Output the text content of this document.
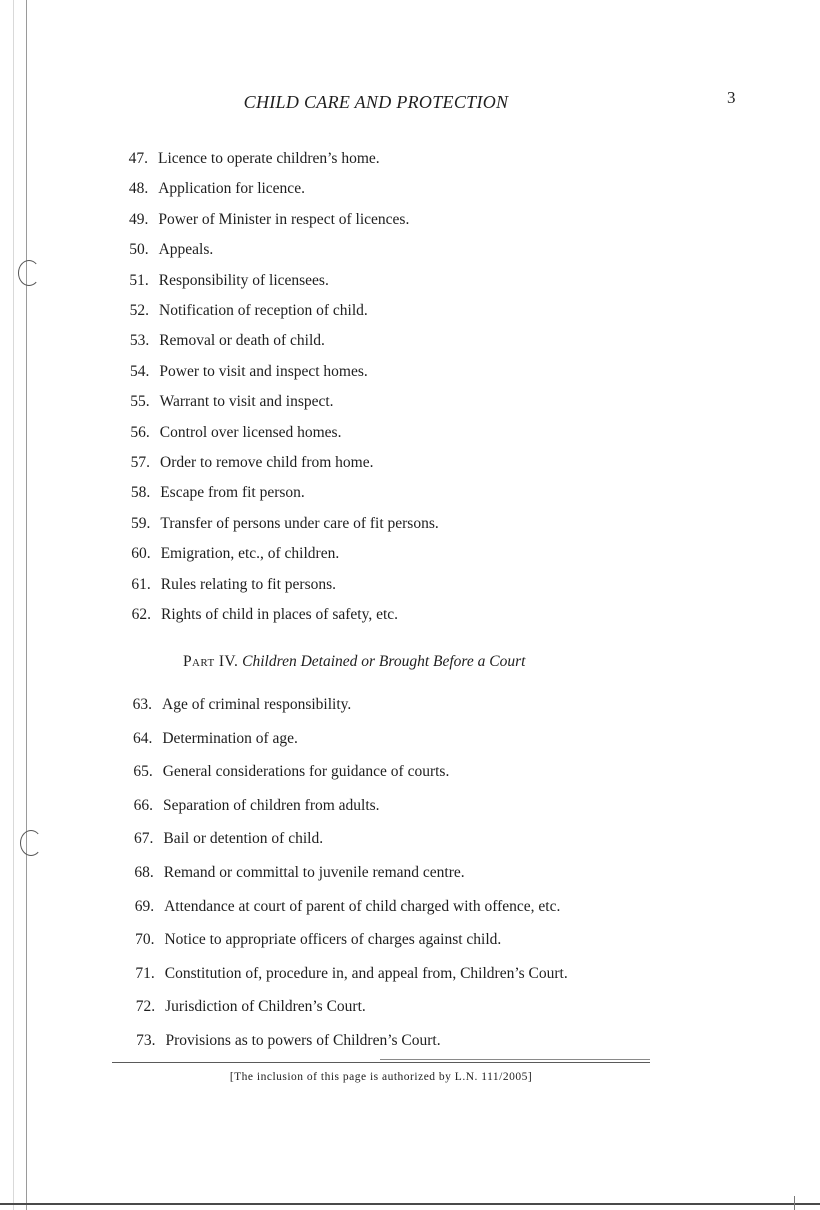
CHILD CARE AND PROTECTION	3
47. Licence to operate children’s home.
48. Application for licence.
49. Power of Minister in respect of licences.
50. Appeals.
51. Responsibility of licensees.
52. Notification of reception of child.
53. Removal or death of child.
54. Power to visit and inspect homes.
55. Warrant to visit and inspect.
56. Control over licensed homes.
57. Order to remove child from home.
58. Escape from fit person.
59. Transfer of persons under care of fit persons.
60. Emigration, etc., of children.
61. Rules relating to fit persons.
62. Rights of child in places of safety, etc.
Part IV. Children Detained or Brought Before a Court
63. Age of criminal responsibility.
64. Determination of age.
65. General considerations for guidance of courts.
66. Separation of children from adults.
67. Bail or detention of child.
68. Remand or committal to juvenile remand centre.
69. Attendance at court of parent of child charged with offence, etc.
70. Notice to appropriate officers of charges against child.
71. Constitution of, procedure in, and appeal from, Children’s Court.
72. Jurisdiction of Children’s Court.
73. Provisions as to powers of Children’s Court.
[The inclusion of this page is authorized by L.N. 111/2005]
